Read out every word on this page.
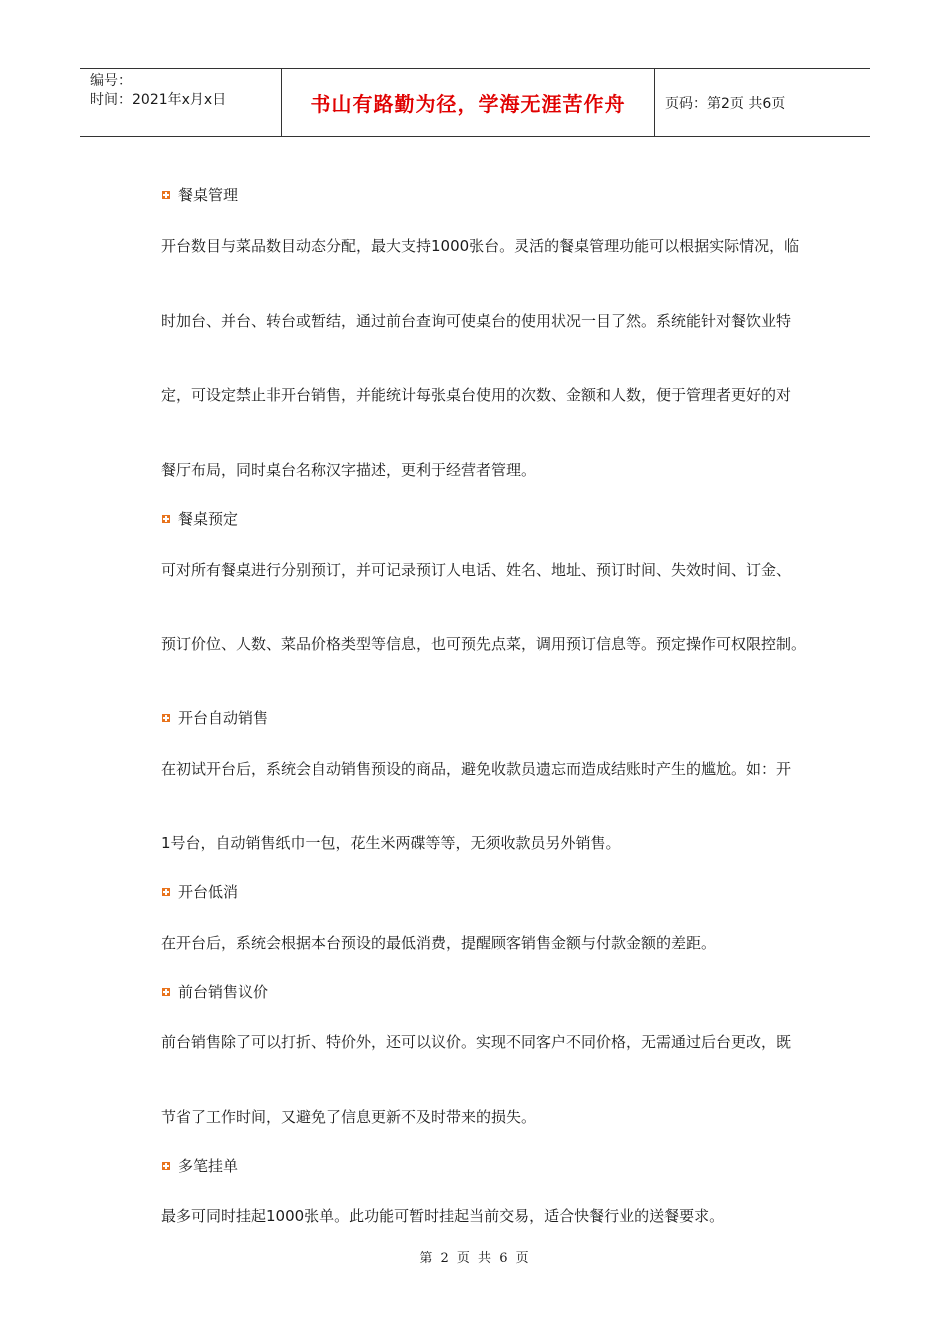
编号：
时间：2021年x月x日	书山有路勤为径，学海无涯苦作舟	页码：第2页 共6页
餐桌管理
开台数目与菜品数目动态分配，最大支持1000张台。灵活的餐桌管理功能可以根据实际情况，临
时加台、并台、转台或暂结，通过前台查询可使桌台的使用状况一目了然。系统能针对餐饮业特
定，可设定禁止非开台销售，并能统计每张桌台使用的次数、金额和人数，便于管理者更好的对
餐厅布局，同时桌台名称汉字描述，更利于经营者管理。
餐桌预定
可对所有餐桌进行分别预订，并可记录预订人电话、姓名、地址、预订时间、失效时间、订金、
预订价位、人数、菜品价格类型等信息，也可预先点菜，调用预订信息等。预定操作可权限控制。
开台自动销售
在初试开台后，系统会自动销售预设的商品，避免收款员遗忘而造成结账时产生的尴尬。如：开
1号台，自动销售纸巾一包，花生米两碟等等，无须收款员另外销售。
开台低消
在开台后，系统会根据本台预设的最低消费，提醒顾客销售金额与付款金额的差距。
前台销售议价
前台销售除了可以打折、特价外，还可以议价。实现不同客户不同价格，无需通过后台更改，既
节省了工作时间，又避免了信息更新不及时带来的损失。
多笔挂单
最多可同时挂起1000张单。此功能可暂时挂起当前交易，适合快餐行业的送餐要求。
第 2 页 共 6 页
